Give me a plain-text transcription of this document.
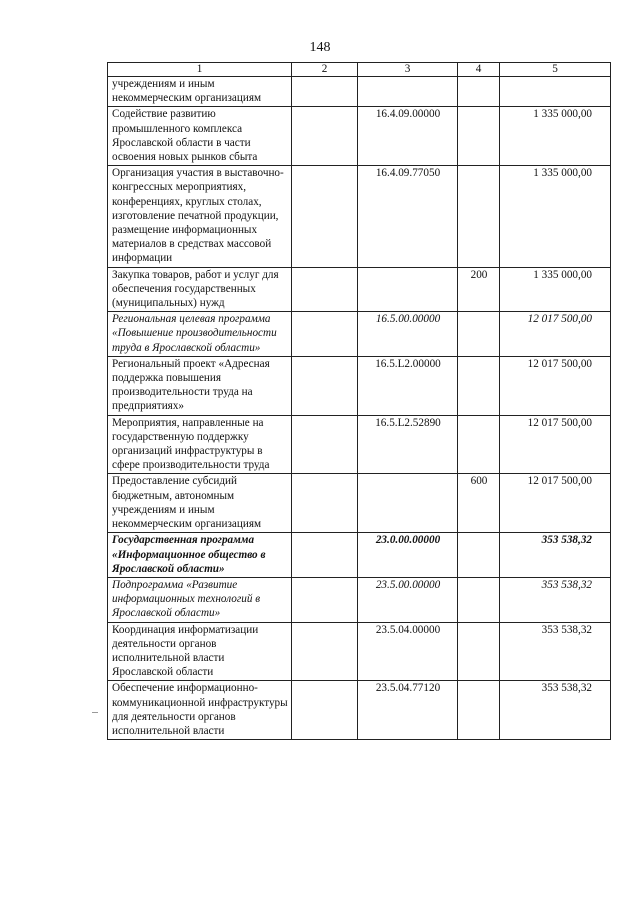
148
1	2	3	4	5
учреждениям и иным некоммерческим организациям				
Содействие развитию промышленного комплекса Ярославской области в части освоения новых рынков сбыта		16.4.09.00000		1 335 000,00
Организация участия в выставочно-конгрессных мероприятиях, конференциях, круглых столах, изготовление печатной продукции, размещение информационных материалов в средствах массовой информации		16.4.09.77050		1 335 000,00
Закупка товаров, работ и услуг для обеспечения государственных (муниципальных) нужд			200	1 335 000,00
Региональная целевая программа «Повышение производительности труда в Ярославской области»		16.5.00.00000		12 017 500,00
Региональный проект «Адресная поддержка повышения производительности труда на предприятиях»		16.5.L2.00000		12 017 500,00
Мероприятия, направленные на государственную поддержку организаций инфраструктуры в сфере производительности труда		16.5.L2.52890		12 017 500,00
Предоставление субсидий бюджетным, автономным учреждениям и иным некоммерческим организациям			600	12 017 500,00
Государственная программа «Информационное общество в Ярославской области»		23.0.00.00000		353 538,32
Подпрограмма «Развитие информационных технологий в Ярославской области»		23.5.00.00000		353 538,32
Координация информатизации деятельности органов исполнительной власти Ярославской области		23.5.04.00000		353 538,32
Обеспечение информационно-коммуникационной инфраструктуры для деятельности органов исполнительной власти		23.5.04.77120		353 538,32
